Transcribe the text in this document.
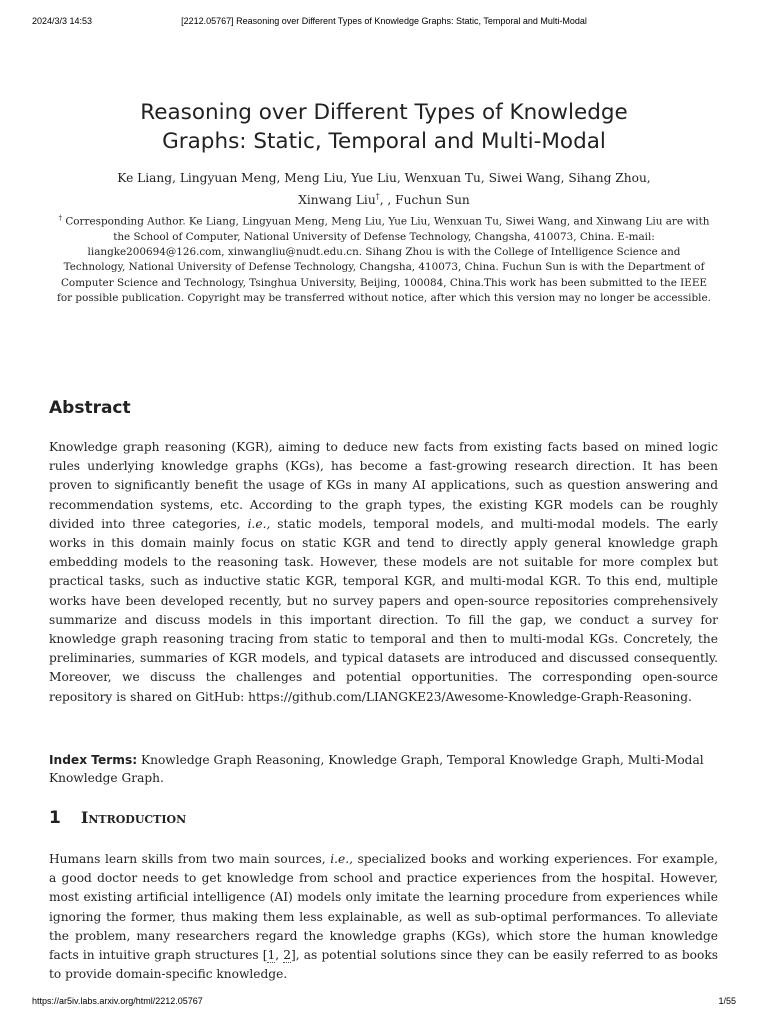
2024/3/3 14:53	[2212.05767] Reasoning over Different Types of Knowledge Graphs: Static, Temporal and Multi-Modal
Reasoning over Different Types of Knowledge
Graphs: Static, Temporal and Multi-Modal
Ke Liang, Lingyuan Meng, Meng Liu, Yue Liu, Wenxuan Tu, Siwei Wang, Sihang Zhou,
Xinwang Liu†, , Fuchun Sun
† Corresponding Author. Ke Liang, Lingyuan Meng, Meng Liu, Yue Liu, Wenxuan Tu, Siwei Wang, and Xinwang Liu are with the School of Computer, National University of Defense Technology, Changsha, 410073, China. E-mail: liangke200694@126.com, xinwangliu@nudt.edu.cn. Sihang Zhou is with the College of Intelligence Science and Technology, National University of Defense Technology, Changsha, 410073, China. Fuchun Sun is with the Department of Computer Science and Technology, Tsinghua University, Beijing, 100084, China.This work has been submitted to the IEEE for possible publication. Copyright may be transferred without notice, after which this version may no longer be accessible.
Abstract

Knowledge graph reasoning (KGR), aiming to deduce new facts from existing facts based on mined logic rules underlying knowledge graphs (KGs), has become a fast-growing research direction. It has been proven to significantly benefit the usage of KGs in many AI applications, such as question answering and recommendation systems, etc. According to the graph types, the existing KGR models can be roughly divided into three categories, i.e., static models, temporal models, and multi-modal models. The early works in this domain mainly focus on static KGR and tend to directly apply general knowledge graph embedding models to the reasoning task. However, these models are not suitable for more complex but practical tasks, such as inductive static KGR, temporal KGR, and multi-modal KGR. To this end, multiple works have been developed recently, but no survey papers and open-source repositories comprehensively summarize and discuss models in this important direction. To fill the gap, we conduct a survey for knowledge graph reasoning tracing from static to temporal and then to multi-modal KGs. Concretely, the preliminaries, summaries of KGR models, and typical datasets are introduced and discussed consequently. Moreover, we discuss the challenges and potential opportunities. The corresponding open-source repository is shared on GitHub: https://github.com/LIANGKE23/Awesome-Knowledge-Graph-Reasoning.

Index Terms: Knowledge Graph Reasoning, Knowledge Graph, Temporal Knowledge Graph, Multi-Modal Knowledge Graph.

1 Introduction

Humans learn skills from two main sources, i.e., specialized books and working experiences. For example, a good doctor needs to get knowledge from school and practice experiences from the hospital. However, most existing artificial intelligence (AI) models only imitate the learning procedure from experiences while ignoring the former, thus making them less explainable, as well as sub-optimal performances. To alleviate the problem, many researchers regard the knowledge graphs (KGs), which store the human knowledge facts in intuitive graph structures [1, 2], as potential solutions since they can be easily referred to as books to provide domain-specific knowledge.

https://ar5iv.labs.arxiv.org/html/2212.05767	1/55
